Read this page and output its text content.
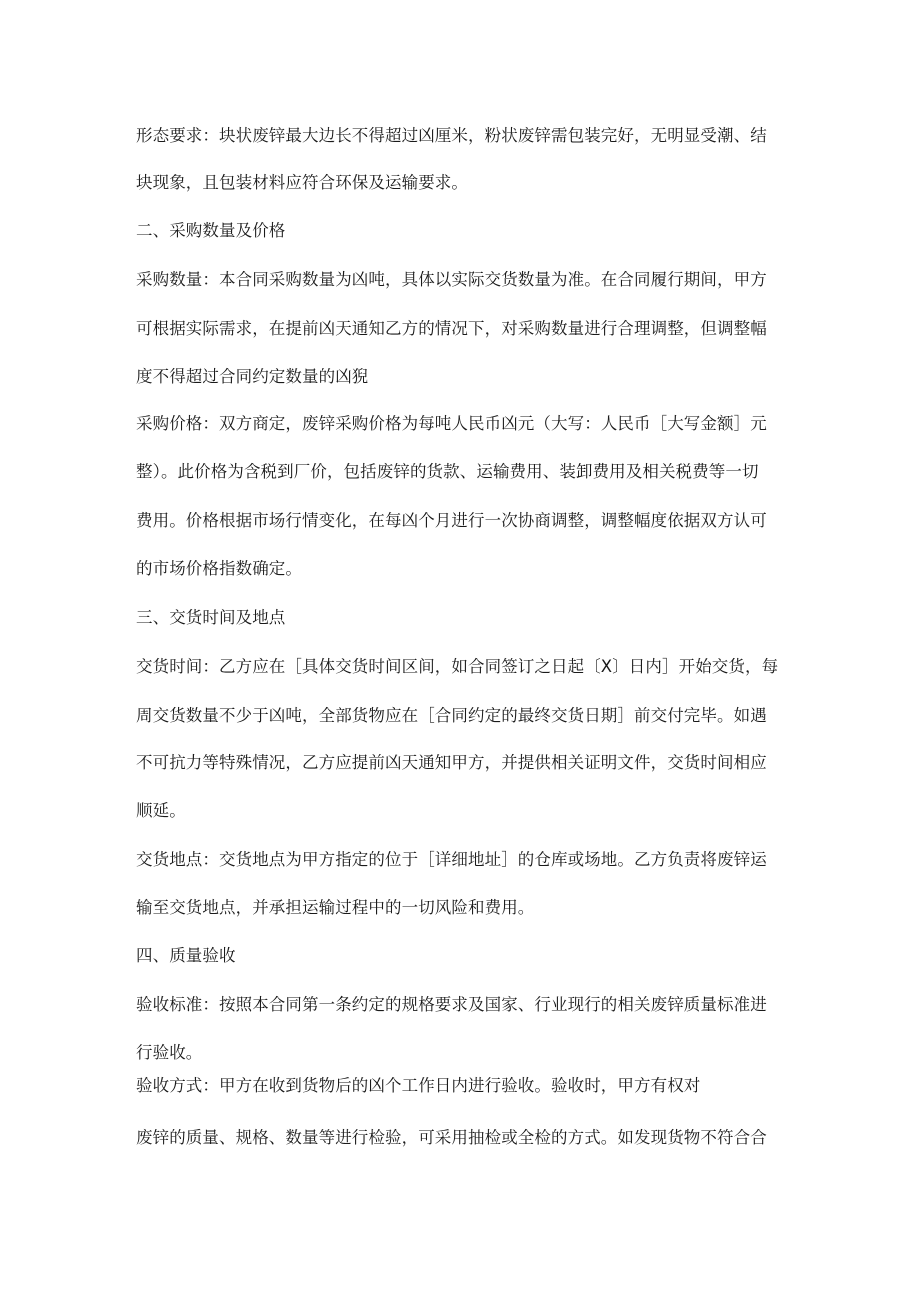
形态要求：块状废锌最大边长不得超过凶厘米，粉状废锌需包装完好，无明显受潮、结
块现象，且包装材料应符合环保及运输要求。
二、采购数量及价格
采购数量：本合同采购数量为凶吨，具体以实际交货数量为准。在合同履行期间，甲方
可根据实际需求，在提前凶天通知乙方的情况下，对采购数量进行合理调整，但调整幅
度不得超过合同约定数量的凶猊
采购价格：双方商定，废锌采购价格为每吨人民币凶元（大写：人民币［大写金额］元
整）。此价格为含税到厂价，包括废锌的货款、运输费用、装卸费用及相关税费等一切
费用。价格根据市场行情变化，在每凶个月进行一次协商调整，调整幅度依据双方认可
的市场价格指数确定。
三、交货时间及地点
交货时间：乙方应在［具体交货时间区间，如合同签订之日起〔X〕日内］开始交货，每
周交货数量不少于凶吨，全部货物应在［合同约定的最终交货日期］前交付完毕。如遇
不可抗力等特殊情况，乙方应提前凶天通知甲方，并提供相关证明文件，交货时间相应
顺延。
交货地点：交货地点为甲方指定的位于［详细地址］的仓库或场地。乙方负责将废锌运
输至交货地点，并承担运输过程中的一切风险和费用。
四、质量验收
验收标准：按照本合同第一条约定的规格要求及国家、行业现行的相关废锌质量标准进
行验收。
验收方式：甲方在收到货物后的凶个工作日内进行验收。验收时，甲方有权对
废锌的质量、规格、数量等进行检验，可采用抽检或全检的方式。如发现货物不符合合
